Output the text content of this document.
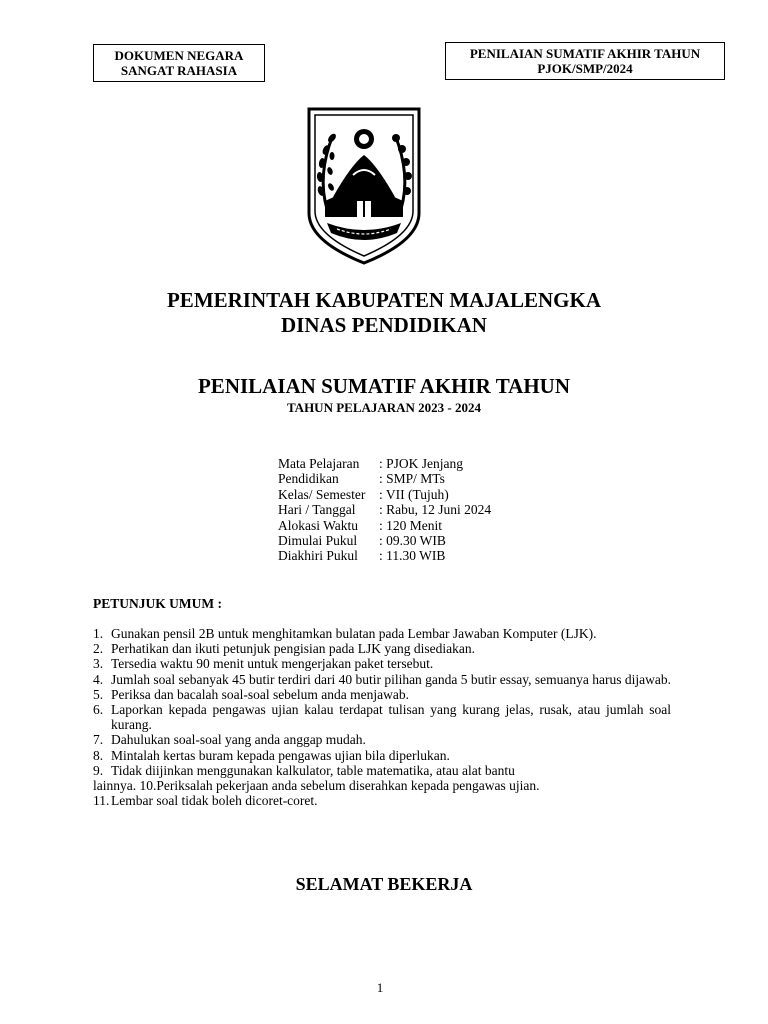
DOKUMEN NEGARA
SANGAT RAHASIA
PENILAIAN SUMATIF AKHIR TAHUN
PJOK/SMP/2024
PEMERINTAH KABUPATEN MAJALENGKA
DINAS PENDIDIKAN
PENILAIAN SUMATIF AKHIR TAHUN
TAHUN PELAJARAN 2023 - 2024
Mata Pelajaran	: PJOK Jenjang
Pendidikan	: SMP/ MTs
Kelas/ Semester	: VII (Tujuh)
Hari / Tanggal	: Rabu, 12 Juni 2024
Alokasi Waktu	: 120 Menit
Dimulai Pukul	: 09.30 WIB
Diakhiri Pukul	: 11.30 WIB
PETUNJUK UMUM :
1. Gunakan pensil 2B untuk menghitamkan bulatan pada Lembar Jawaban Komputer (LJK).
2. Perhatikan dan ikuti petunjuk pengisian pada LJK yang disediakan.
3. Tersedia waktu 90 menit untuk mengerjakan paket tersebut.
4. Jumlah soal sebanyak 45 butir terdiri dari 40 butir pilihan ganda 5 butir essay, semuanya harus dijawab.
5. Periksa dan bacalah soal-soal sebelum anda menjawab.
6. Laporkan kepada pengawas ujian kalau terdapat tulisan yang kurang jelas, rusak, atau jumlah soal kurang.
7. Dahulukan soal-soal yang anda anggap mudah.
8. Mintalah kertas buram kepada pengawas ujian bila diperlukan.
9. Tidak diijinkan menggunakan kalkulator, table matematika, atau alat bantu
lainnya. 10.Periksalah pekerjaan anda sebelum diserahkan kepada pengawas ujian.
11. Lembar soal tidak boleh dicoret-coret.
SELAMAT BEKERJA
1
